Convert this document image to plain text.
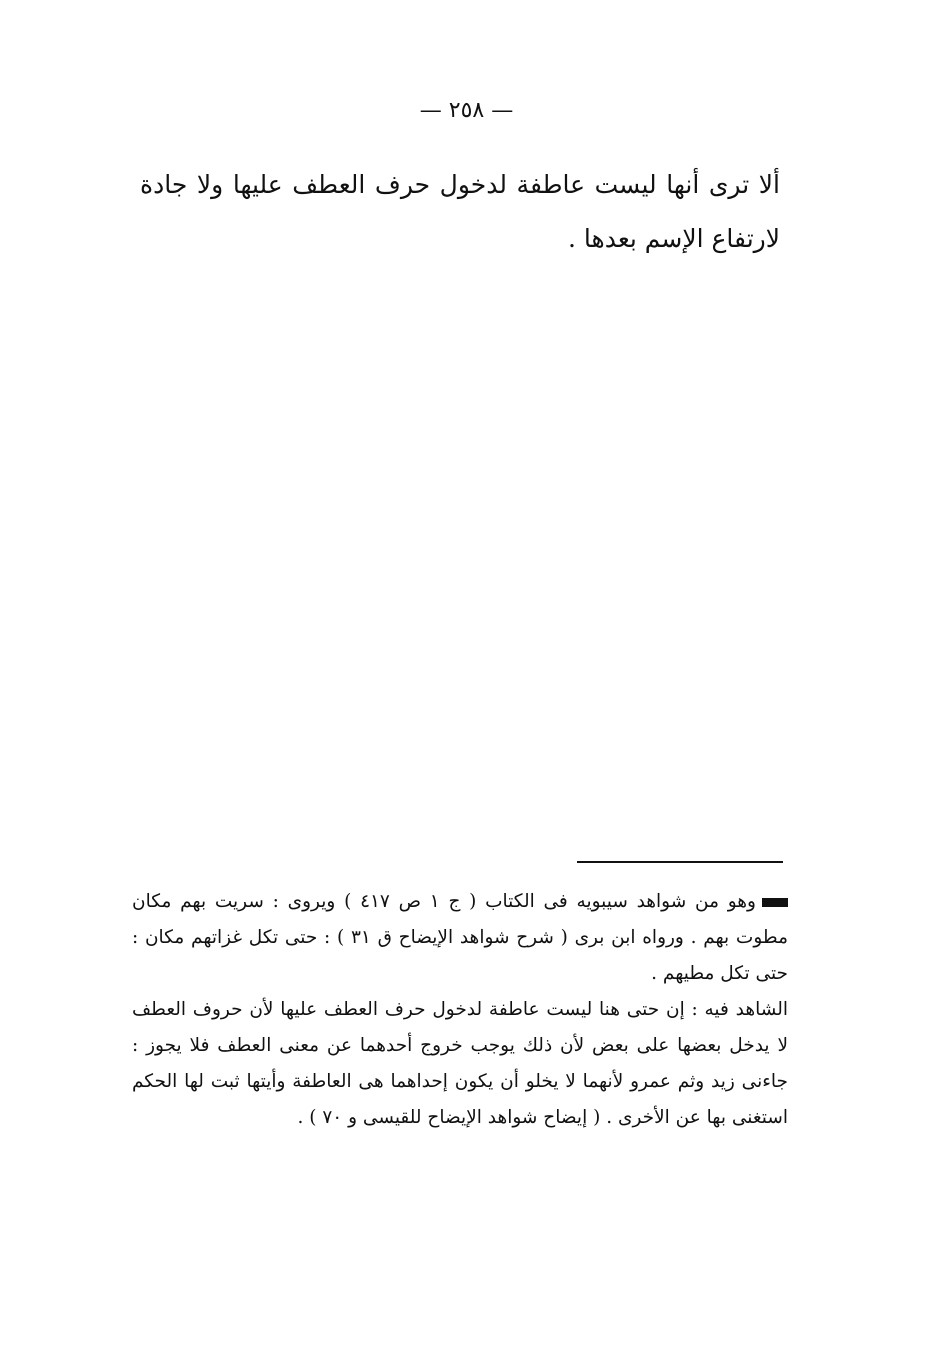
— ٢٥٨ —

ألا ترى أنها ليست عاطفة لدخول حرف العطف عليها ولا جادة لارتفاع الإسم بعدها .

وهو من شواهد سيبويه فى الكتاب ( ج ١ ص ٤١٧ ) ويروى : سريت بهم مكان مطوت بهم . ورواه ابن برى ( شرح شواهد الإيضاح ق ٣١ ) : حتى تكل غزاتهم مكان : حتى تكل مطيهم .

الشاهد فيه : إن حتى هنا ليست عاطفة لدخول حرف العطف عليها لأن حروف العطف لا يدخل بعضها على بعض لأن ذلك يوجب خروج أحدهما عن معنى العطف فلا يجوز : جاءنى زيد وثم عمرو لأنهما لا يخلو أن يكون إحداهما هى العاطفة وأيتها ثبت لها الحكم استغنى بها عن الأخرى . ( إيضاح شواهد الإيضاح للقيسى و ٧٠ ) .
